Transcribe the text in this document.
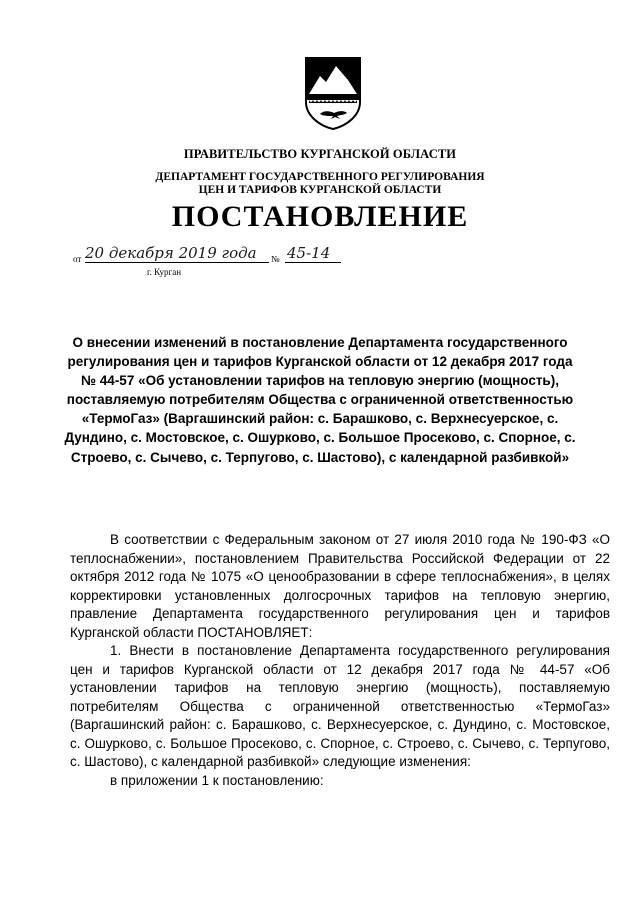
ПРАВИТЕЛЬСТВО КУРГАНСКОЙ ОБЛАСТИ
ДЕПАРТАМЕНТ ГОСУДАРСТВЕННОГО РЕГУЛИРОВАНИЯ ЦЕН И ТАРИФОВ КУРГАНСКОЙ ОБЛАСТИ
ПОСТАНОВЛЕНИЕ
от 20 декабря 2019 года	№ 45-14
г. Курган
О внесении изменений в постановление Департамента государственного регулирования цен и тарифов Курганской области от 12 декабря 2017 года № 44-57 «Об установлении тарифов на тепловую энергию (мощность), поставляемую потребителям Общества с ограниченной ответственностью «ТермоГаз» (Варгашинский район: с. Барашково, с. Верхнесуерское, с. Дундино, с. Мостовское, с. Ошурково, с. Большое Просеково, с. Спорное, с. Строево, с. Сычево, с. Терпугово, с. Шастово), с календарной разбивкой»

В соответствии с Федеральным законом от 27 июля 2010 года № 190-ФЗ «О теплоснабжении», постановлением Правительства Российской Федерации от 22 октября 2012 года № 1075 «О ценообразовании в сфере теплоснабжения», в целях корректировки установленных долгосрочных тарифов на тепловую энергию, правление Департамента государственного регулирования цен и тарифов Курганской области ПОСТАНОВЛЯЕТ:

1. Внести в постановление Департамента государственного регулирования цен и тарифов Курганской области от 12 декабря 2017 года № 44-57 «Об установлении тарифов на тепловую энергию (мощность), поставляемую потребителям Общества с ограниченной ответственностью «ТермоГаз» (Варгашинский район: с. Барашково, с. Верхнесуерское, с. Дундино, с. Мостовское, с. Ошурково, с. Большое Просеково, с. Спорное, с. Строево, с. Сычево, с. Терпугово, с. Шастово), с календарной разбивкой» следующие изменения:

в приложении 1 к постановлению:
